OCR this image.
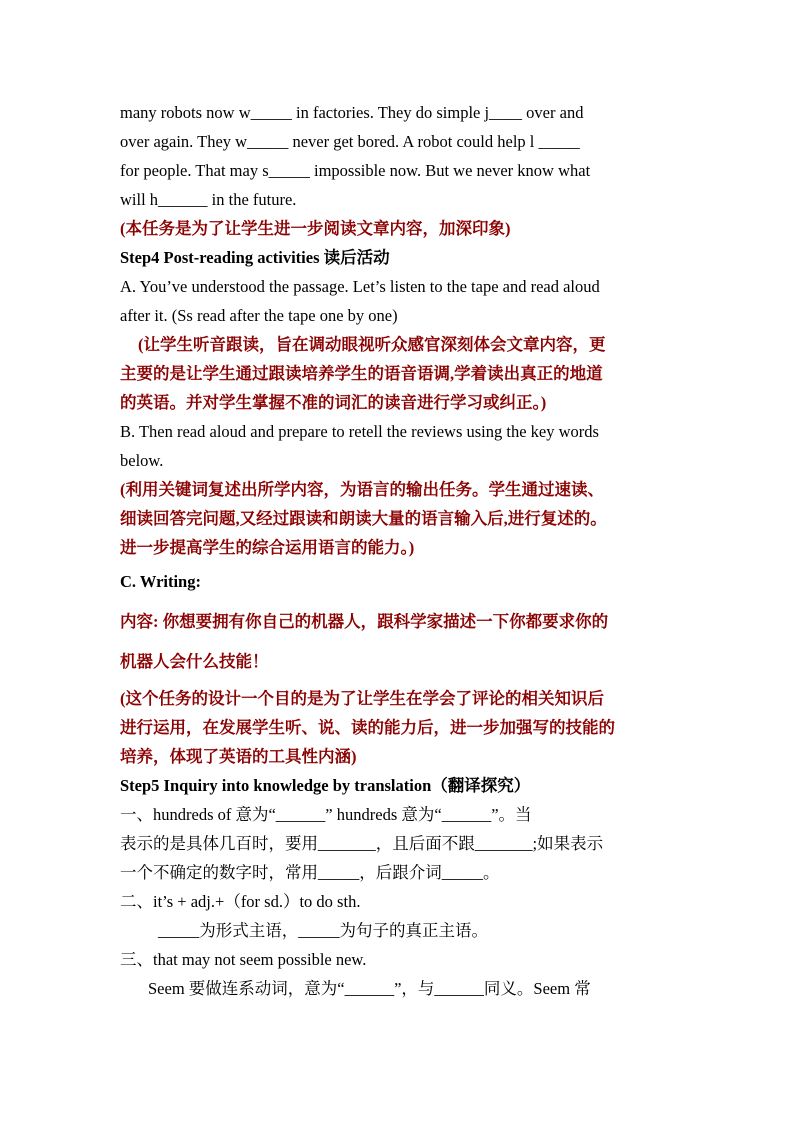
many robots now w_____ in factories. They do simple j____ over and
over again. They w_____ never get bored. A robot could help l _____
for people. That may s_____ impossible now. But we never know what
will h______ in the future.
(本任务是为了让学生进一步阅读文章内容，加深印象)
Step4 Post-reading activities 读后活动
A. You’ve understood the passage. Let’s listen to the tape and read aloud
after it. (Ss read after the tape one by one)
(让学生听音跟读，旨在调动眼视听众感官深刻体会文章内容，更
主要的是让学生通过跟读培养学生的语音语调,学着读出真正的地道
的英语。并对学生掌握不准的词汇的读音进行学习或纠正。)
B. Then read aloud and prepare to retell the reviews using the key words
below.
(利用关键词复述出所学内容，为语言的输出任务。学生通过速读、
细读回答完问题,又经过跟读和朗读大量的语言输入后,进行复述的。
进一步提高学生的综合运用语言的能力。)
C. Writing:
内容: 你想要拥有你自己的机器人，跟科学家描述一下你都要求你的
机器人会什么技能！
(这个任务的设计一个目的是为了让学生在学会了评论的相关知识后
进行运用，在发展学生听、说、读的能力后，进一步加强写的技能的
培养，体现了英语的工具性内涵)
Step5 Inquiry into knowledge by translation（翻译探究）
一、hundreds of 意为“______” hundreds 意为“______”。当
表示的是具体几百时，要用_______，且后面不跟_______;如果表示
一个不确定的数字时，常用_____，后跟介词_____。
二、it’s + adj.+（for sd.）to do sth.
_____为形式主语，_____为句子的真正主语。
三、that may not seem possible new.
Seem 要做连系动词，意为“______”，与______同义。Seem 常
